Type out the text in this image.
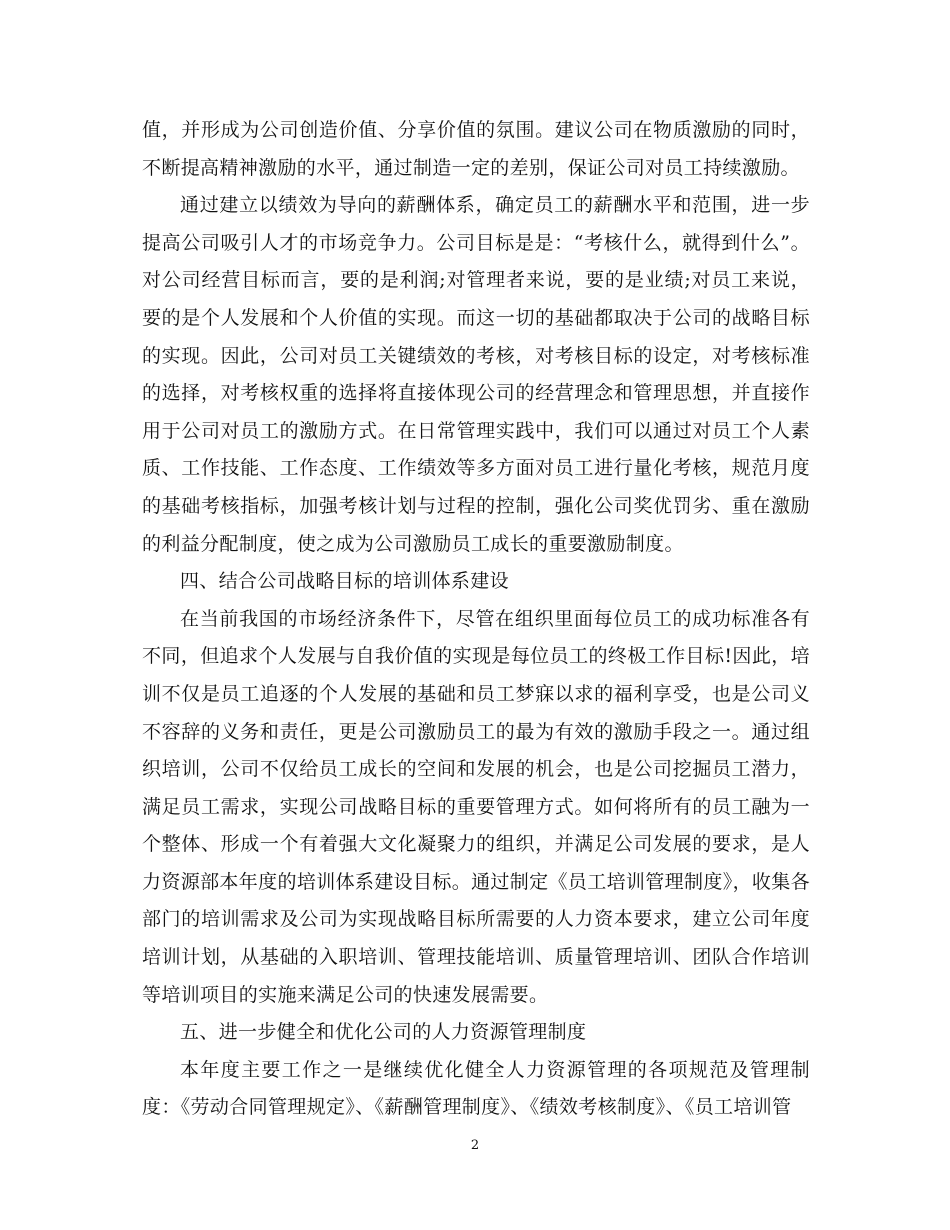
值，并形成为公司创造价值、分享价值的氛围。建议公司在物质激励的同时，不断提高精神激励的水平，通过制造一定的差别，保证公司对员工持续激励。

通过建立以绩效为导向的薪酬体系，确定员工的薪酬水平和范围，进一步提高公司吸引人才的市场竞争力。公司目标是是：“考核什么，就得到什么”。对公司经营目标而言，要的是利润;对管理者来说，要的是业绩;对员工来说，要的是个人发展和个人价值的实现。而这一切的基础都取决于公司的战略目标的实现。因此，公司对员工关键绩效的考核，对考核目标的设定，对考核标准的选择，对考核权重的选择将直接体现公司的经营理念和管理思想，并直接作用于公司对员工的激励方式。在日常管理实践中，我们可以通过对员工个人素质、工作技能、工作态度、工作绩效等多方面对员工进行量化考核，规范月度的基础考核指标，加强考核计划与过程的控制，强化公司奖优罚劣、重在激励的利益分配制度，使之成为公司激励员工成长的重要激励制度。

四、结合公司战略目标的培训体系建设

在当前我国的市场经济条件下，尽管在组织里面每位员工的成功标准各有不同，但追求个人发展与自我价值的实现是每位员工的终极工作目标!因此，培训不仅是员工追逐的个人发展的基础和员工梦寐以求的福利享受，也是公司义不容辞的义务和责任，更是公司激励员工的最为有效的激励手段之一。通过组织培训，公司不仅给员工成长的空间和发展的机会，也是公司挖掘员工潜力，满足员工需求，实现公司战略目标的重要管理方式。如何将所有的员工融为一个整体、形成一个有着强大文化凝聚力的组织，并满足公司发展的要求，是人力资源部本年度的培训体系建设目标。通过制定《员工培训管理制度》，收集各部门的培训需求及公司为实现战略目标所需要的人力资本要求，建立公司年度培训计划，从基础的入职培训、管理技能培训、质量管理培训、团队合作培训等培训项目的实施来满足公司的快速发展需要。

五、进一步健全和优化公司的人力资源管理制度

本年度主要工作之一是继续优化健全人力资源管理的各项规范及管理制度：《劳动合同管理规定》、《薪酬管理制度》、《绩效考核制度》、《员工培训管

2
